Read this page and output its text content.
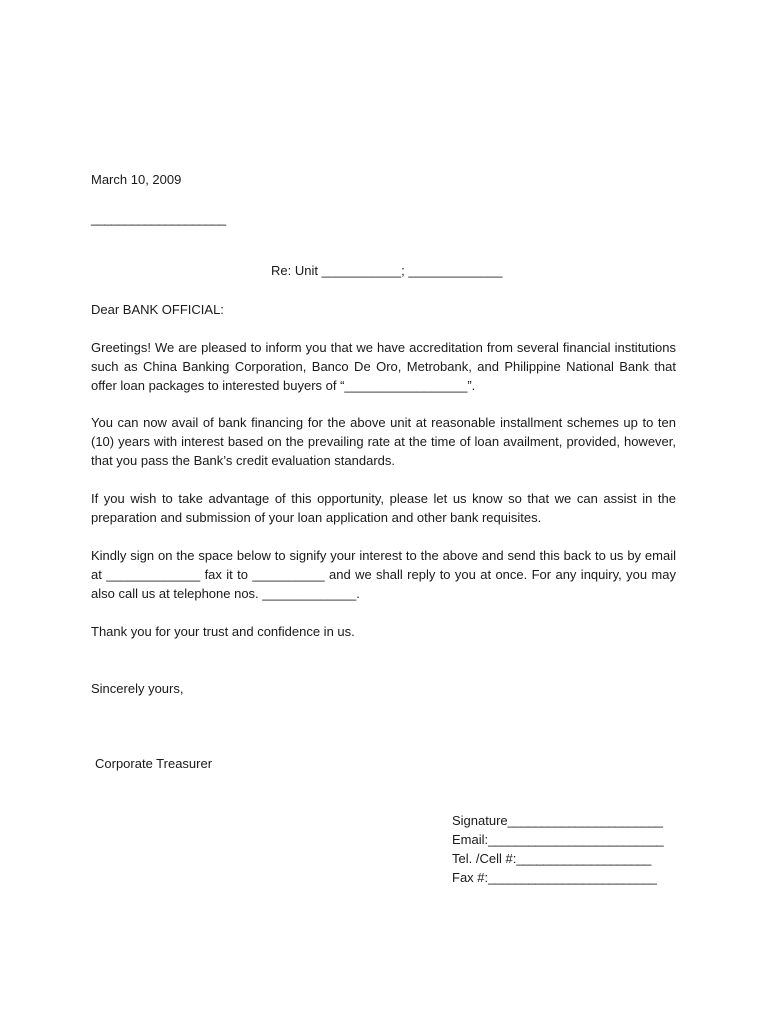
March 10, 2009
____________________
Re: Unit ___________; _____________
Dear BANK OFFICIAL:
Greetings! We are pleased to inform you that we have accreditation from several financial institutions such as China Banking Corporation, Banco De Oro, Metrobank, and Philippine National Bank that offer loan packages to interested buyers of “_________________”.
You can now avail of bank financing for the above unit at reasonable installment schemes up to ten (10) years with interest based on the prevailing rate at the time of loan availment, provided, however, that you pass the Bank’s credit evaluation standards.
If you wish to take advantage of this opportunity, please let us know so that we can assist in the preparation and submission of your loan application and other bank requisites.
Kindly sign on the space below to signify your interest to the above and send this back to us by email at _____________ fax it to __________ and we shall reply to you at once. For any inquiry, you may also call us at telephone nos. _____________.
Thank you for your trust and confidence in us.
Sincerely yours,
Corporate Treasurer
Signature _______________________
Email: __________________________
Tel. /Cell #: ____________________
Fax #: _________________________
